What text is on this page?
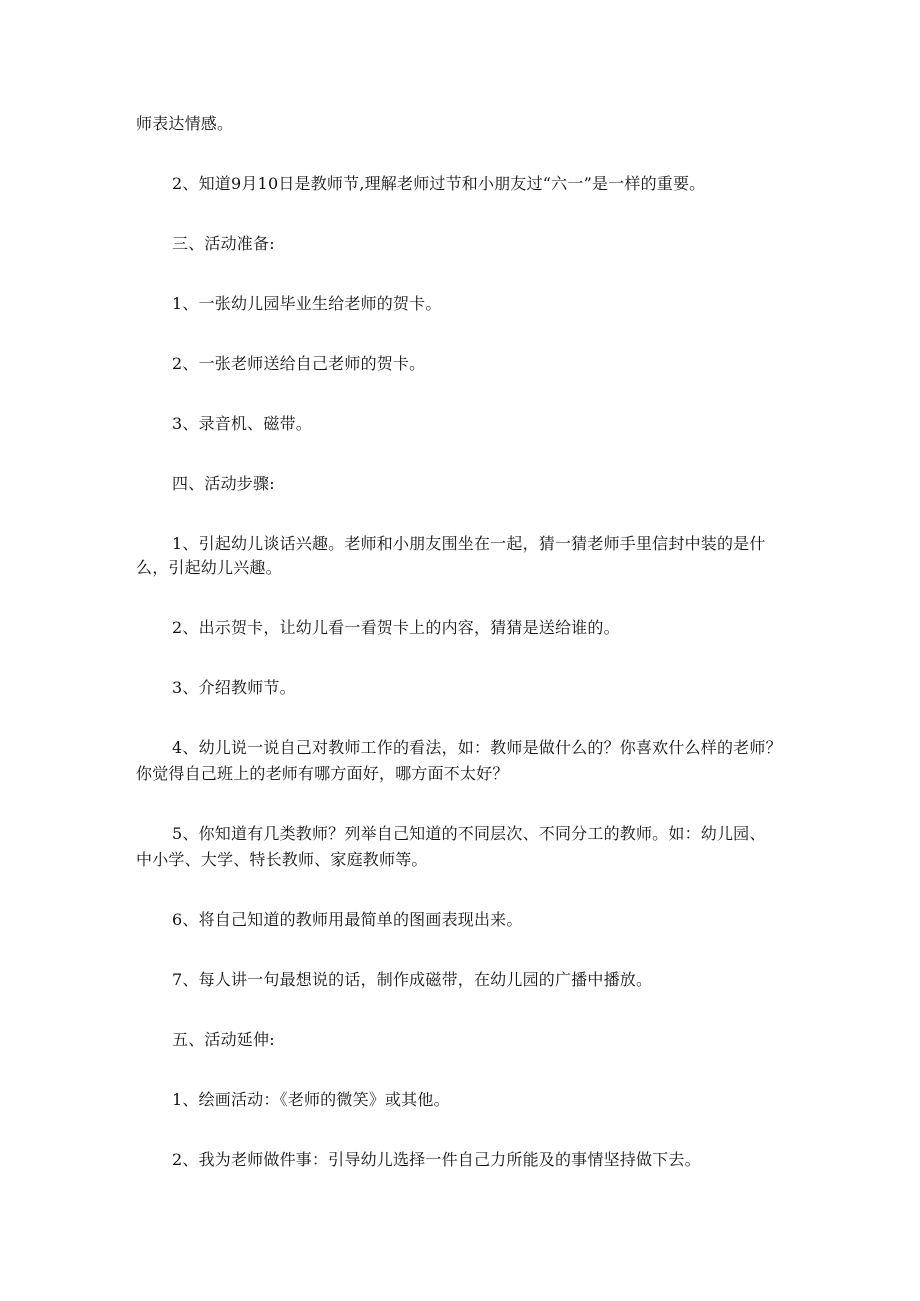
师表达情感。
2、知道9月10日是教师节,理解老师过节和小朋友过“六一”是一样的重要。
三、活动准备:
1、一张幼儿园毕业生给老师的贺卡。
2、一张老师送给自己老师的贺卡。
3、录音机、磁带。
四、活动步骤:
1、引起幼儿谈话兴趣。老师和小朋友围坐在一起，猜一猜老师手里信封中装的是什
么，引起幼儿兴趣。
2、出示贺卡，让幼儿看一看贺卡上的内容，猜猜是送给谁的。
3、介绍教师节。
4、幼儿说一说自己对教师工作的看法，如：教师是做什么的？你喜欢什么样的老师？
你觉得自己班上的老师有哪方面好，哪方面不太好？
5、你知道有几类教师？列举自己知道的不同层次、不同分工的教师。如：幼儿园、
中小学、大学、特长教师、家庭教师等。
6、将自己知道的教师用最简单的图画表现出来。
7、每人讲一句最想说的话，制作成磁带，在幼儿园的广播中播放。
五、活动延伸:
1、绘画活动：《老师的微笑》或其他。
2、我为老师做件事：引导幼儿选择一件自己力所能及的事情坚持做下去。
